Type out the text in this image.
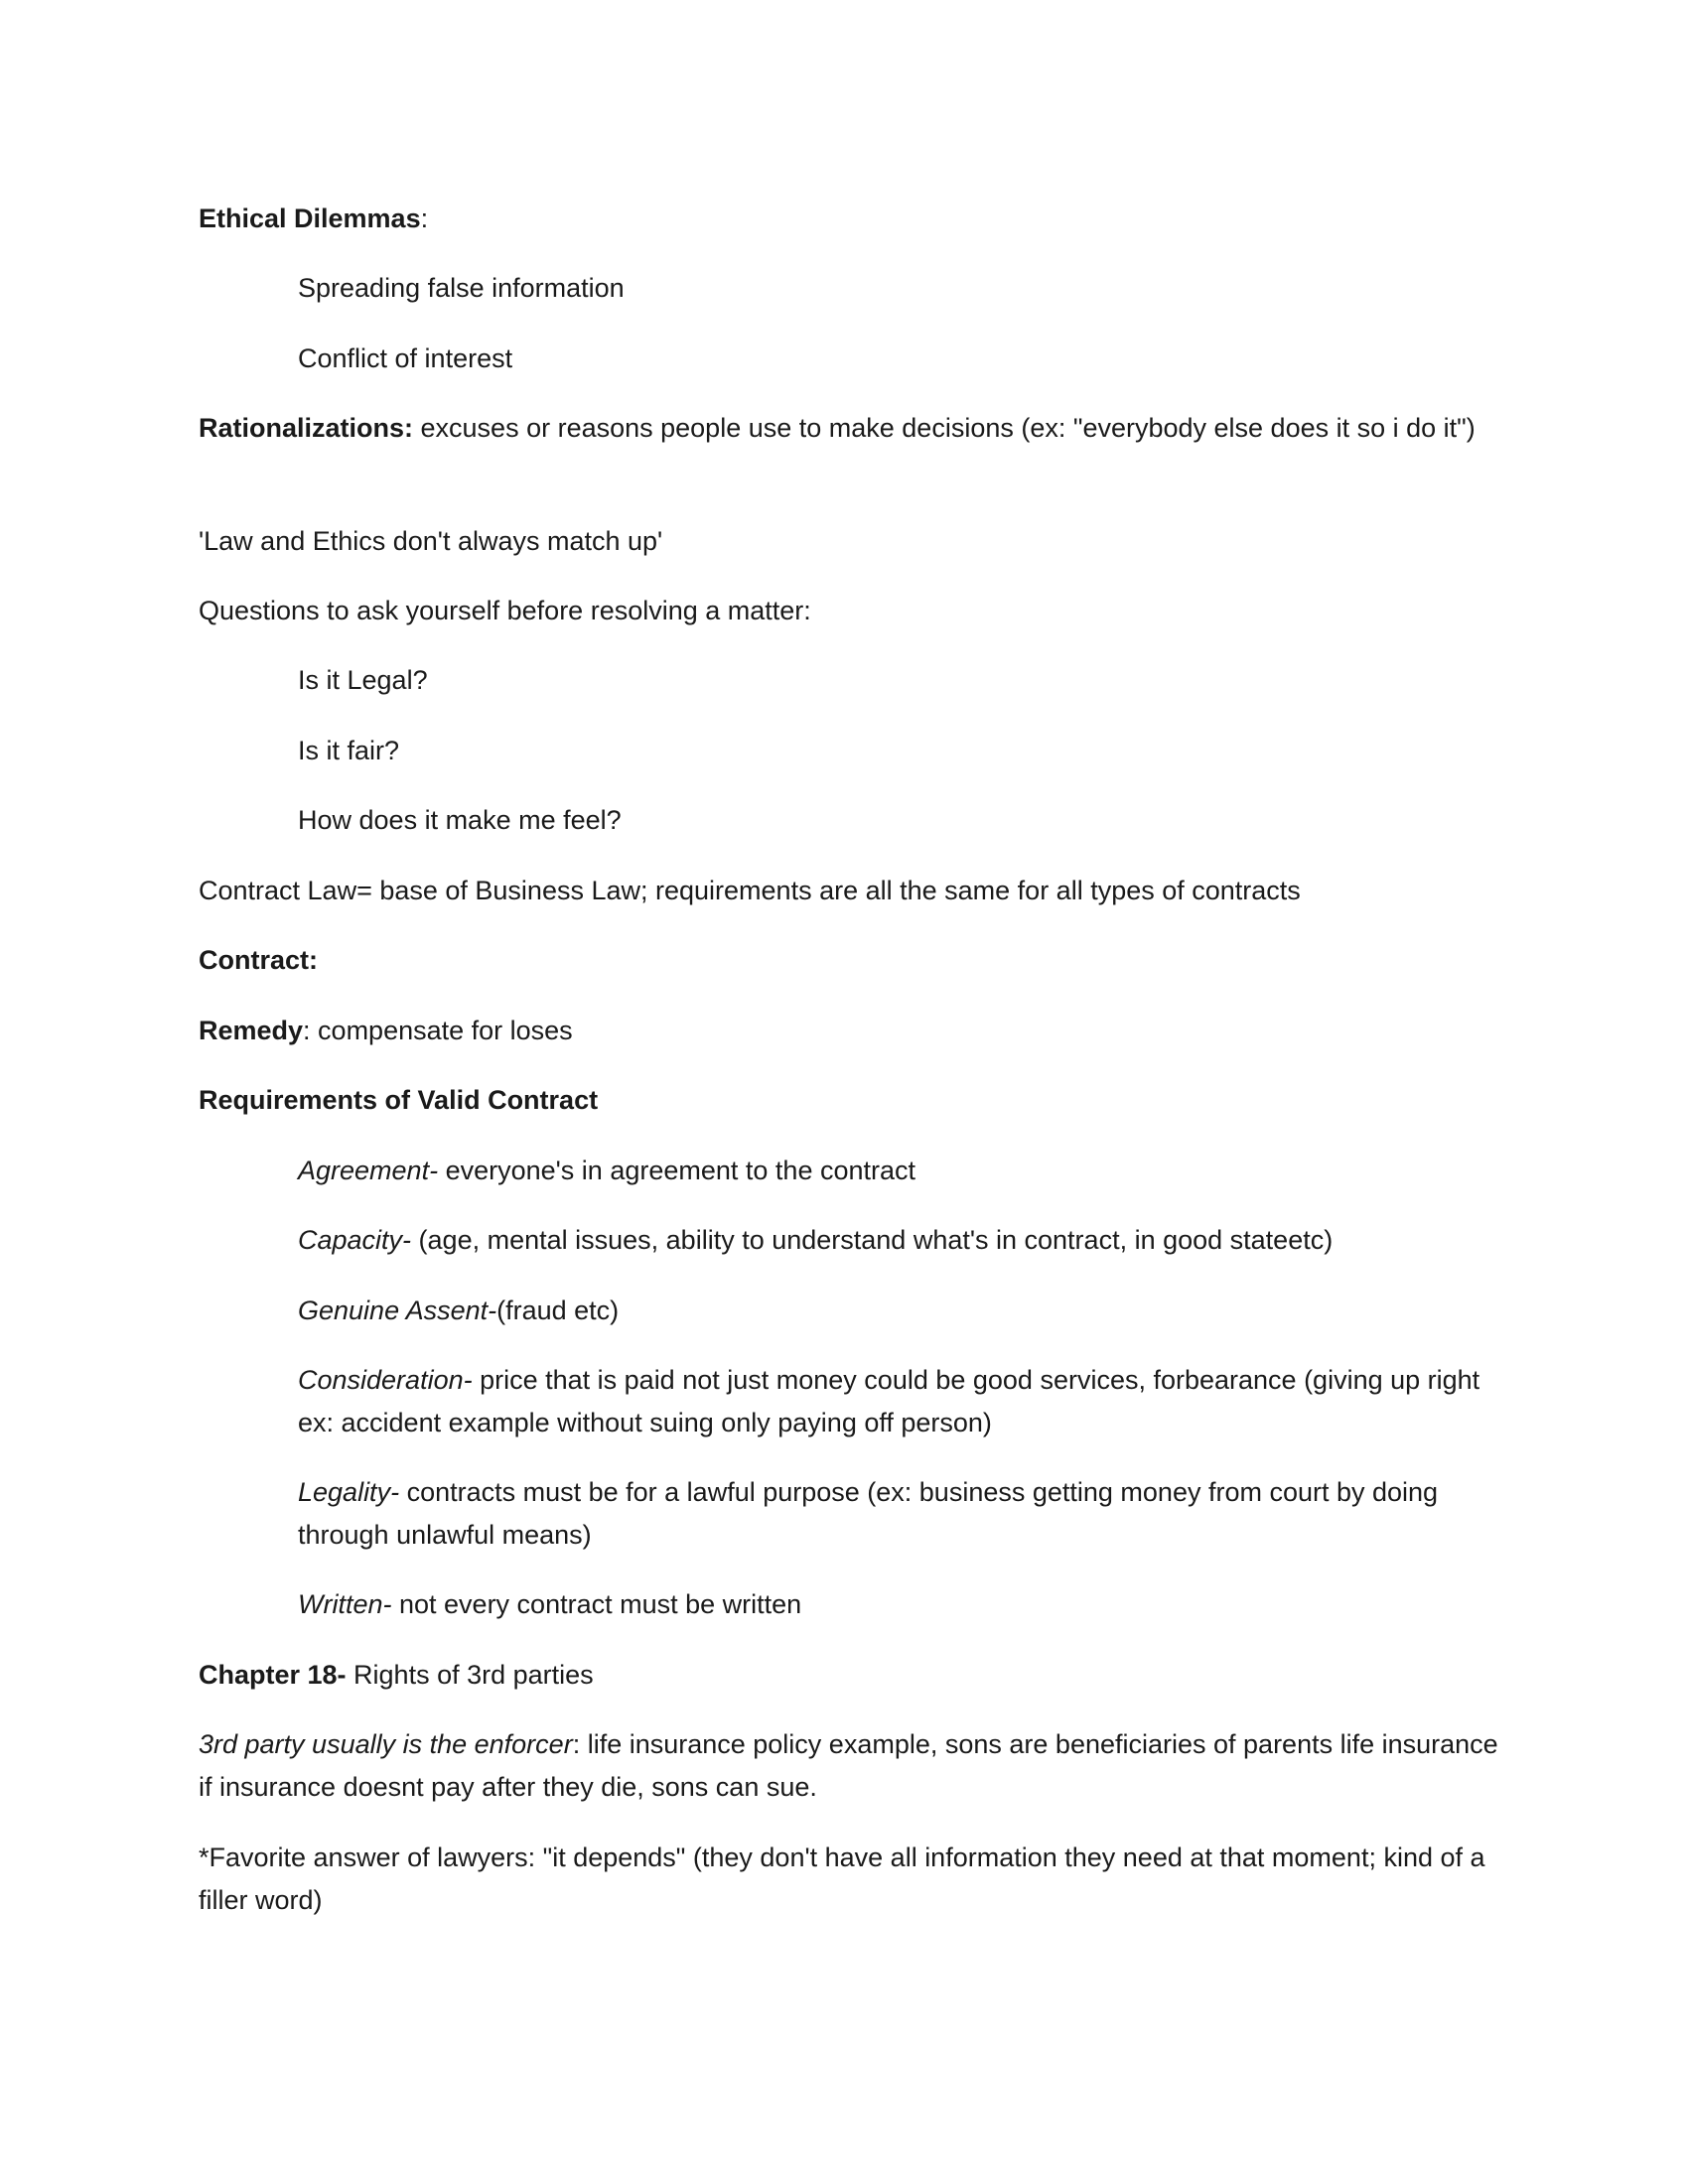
Ethical Dilemmas:

Spreading false information

Conflict of interest

Rationalizations: excuses or reasons people use to make decisions (ex: "everybody else does it so i do it")

'Law and Ethics don't always match up'

Questions to ask yourself before resolving a matter:

Is it Legal?

Is it fair?

How does it make me feel?

Contract Law= base of Business Law; requirements are all the same for all types of contracts

Contract:

Remedy: compensate for loses

Requirements of Valid Contract

Agreement- everyone's in agreement to the contract

Capacity- (age, mental issues, ability to understand what's in contract, in good stateetc)

Genuine Assent-(fraud etc)

Consideration- price that is paid not just money could be good services, forbearance (giving up right ex: accident example without suing only paying off person)

Legality- contracts must be for a lawful purpose (ex: business getting money from court by doing through unlawful means)

Written- not every contract must be written

Chapter 18- Rights of 3rd parties

3rd party usually is the enforcer: life insurance policy example, sons are beneficiaries of parents life insurance if insurance doesnt pay after they die, sons can sue.

*Favorite answer of lawyers: "it depends" (they don't have all information they need at that moment; kind of a filler word)
